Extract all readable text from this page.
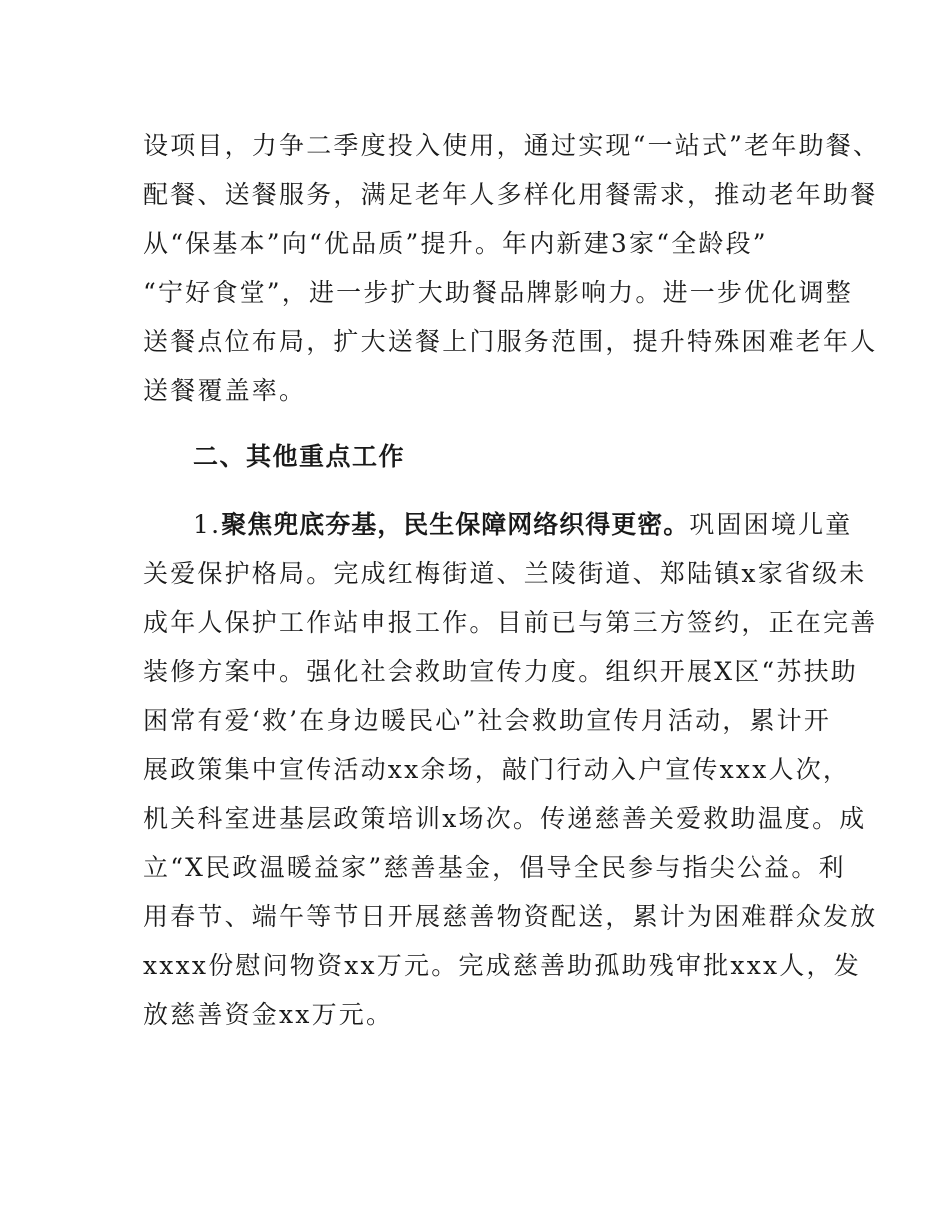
设项目，力争二季度投入使用，通过实现“一站式”老年助餐、
配餐、送餐服务，满足老年人多样化用餐需求，推动老年助餐
从“保基本”向“优品质”提升。年内新建3家“全龄段”
“宁好食堂”，进一步扩大助餐品牌影响力。进一步优化调整
送餐点位布局，扩大送餐上门服务范围，提升特殊困难老年人
送餐覆盖率。
二、其他重点工作
1.聚焦兜底夯基，民生保障网络织得更密。巩固困境儿童
关爱保护格局。完成红梅街道、兰陵街道、郑陆镇x家省级未
成年人保护工作站申报工作。目前已与第三方签约，正在完善
装修方案中。强化社会救助宣传力度。组织开展X区“苏扶助
困常有爱‘救’在身边暖民心”社会救助宣传月活动，累计开
展政策集中宣传活动xx余场，敲门行动入户宣传xxx人次，
机关科室进基层政策培训x场次。传递慈善关爱救助温度。成
立“X民政温暖益家”慈善基金，倡导全民参与指尖公益。利
用春节、端午等节日开展慈善物资配送，累计为困难群众发放
xxxx份慰问物资xx万元。完成慈善助孤助残审批xxx人，发
放慈善资金xx万元。
